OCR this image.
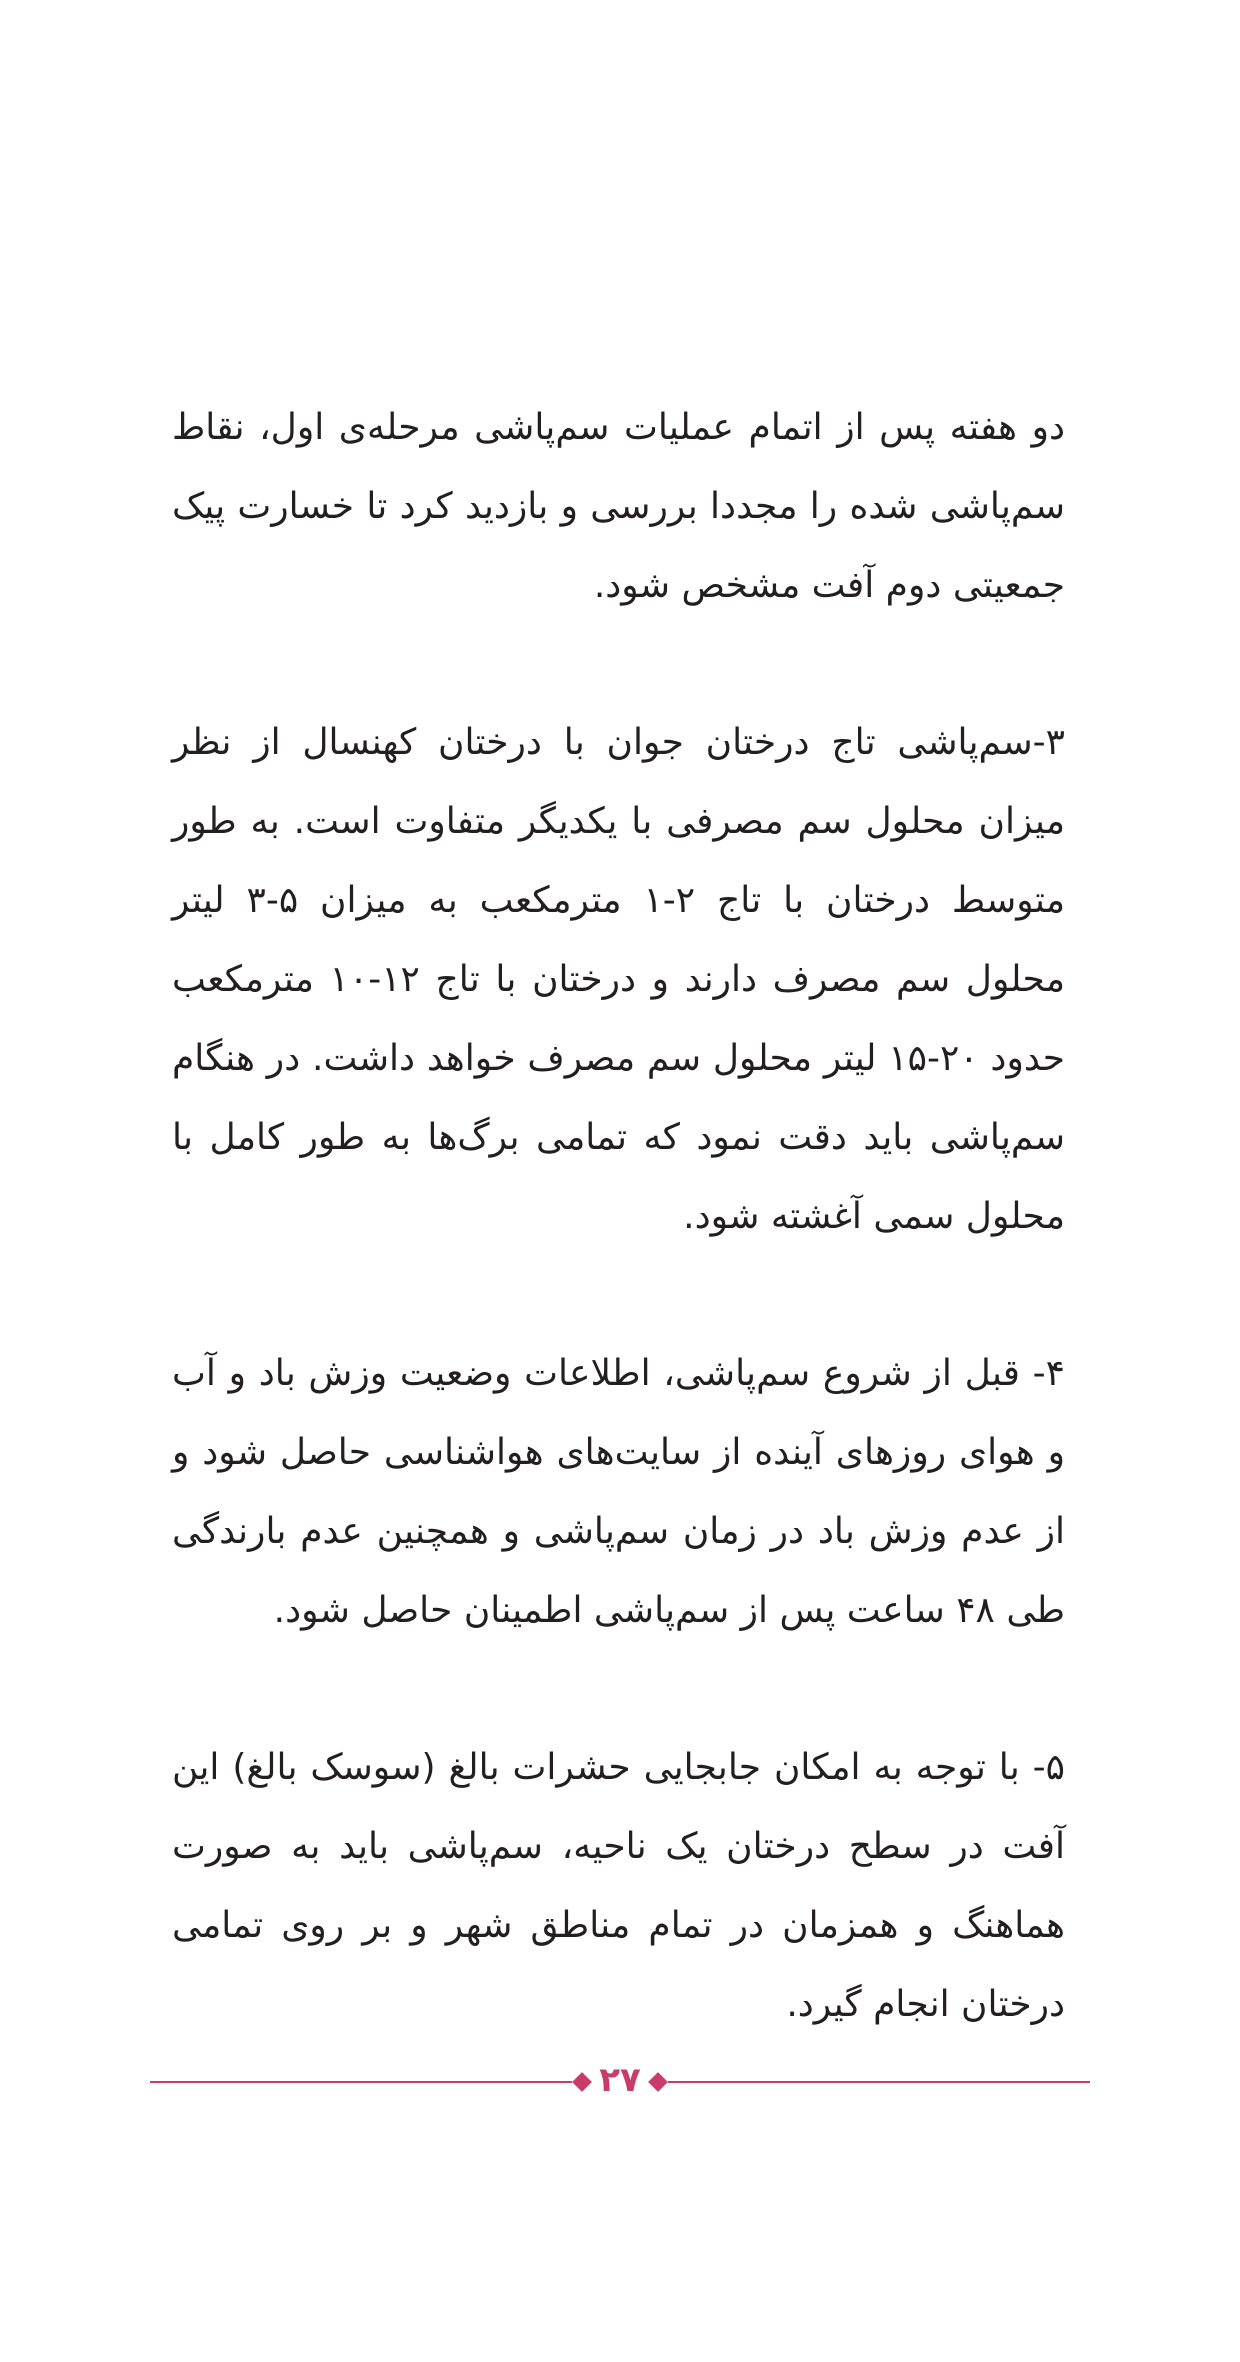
دو هفته پس از اتمام عملیات سم‌پاشی مرحله‌ی اول، نقاط سم‌پاشی شده را مجددا بررسی و بازدید کرد تا خسارت پیک جمعیتی دوم آفت مشخص شود.

۳-سم‌پاشی تاج درختان جوان با درختان کهنسال از نظر میزان محلول سم مصرفی با یکدیگر متفاوت است. به طور متوسط درختان با تاج ۲-۱ مترمکعب به میزان ۵-۳ لیتر محلول سم مصرف دارند و درختان با تاج ۱۲-۱۰ مترمکعب حدود ۲۰-۱۵ لیتر محلول سم مصرف خواهد داشت. در هنگام سم‌پاشی باید دقت نمود که تمامی برگ‌ها به طور کامل با محلول سمی آغشته شود.

۴- قبل از شروع سم‌پاشی، اطلاعات وضعیت وزش باد و آب و هوای روزهای آینده از سایت‌های هواشناسی حاصل شود و از عدم وزش باد در زمان سم‌پاشی و همچنین عدم بارندگی طی ۴۸ ساعت پس از سم‌پاشی اطمینان حاصل شود.

۵- با توجه به امکان جابجایی حشرات بالغ (سوسک بالغ) این آفت در سطح درختان یک ناحیه، سم‌پاشی باید به صورت هماهنگ و همزمان در تمام مناطق شهر و بر روی تمامی درختان انجام گیرد.

۲۷
